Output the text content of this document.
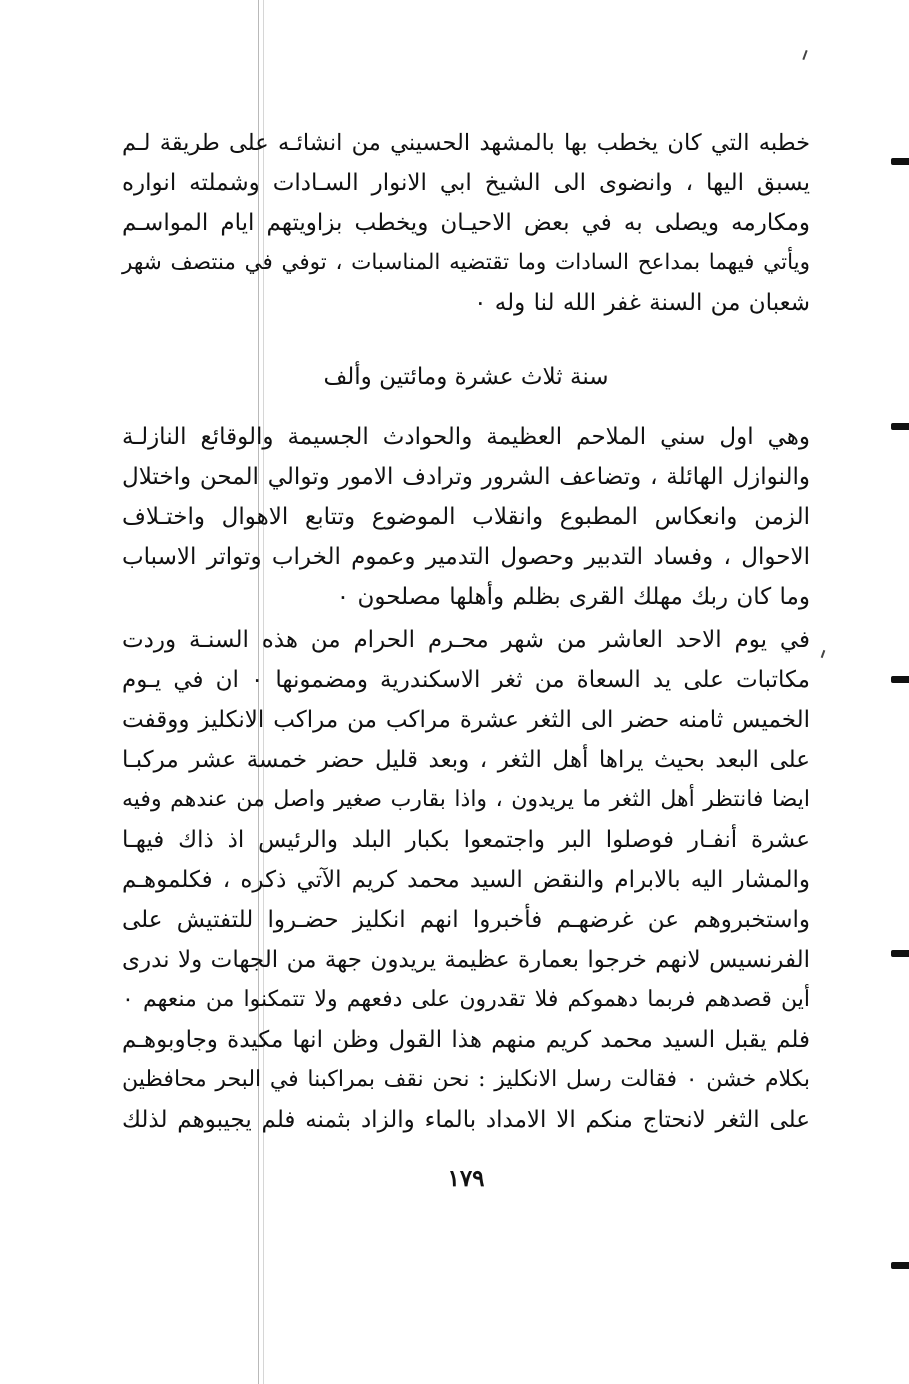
خطبه التي كان يخطب بها بالمشهد الحسيني من انشائـه على طريقة لـم
يسبق اليها ، وانضوى الى الشيخ ابي الانوار السـادات وشملته انواره
ومكارمه ويصلى به في بعض الاحيـان ويخطب بزاويتهم ايام المواسـم
ويأتي فيهما بمداعح السادات وما تقتضيه المناسبات ، توفي في منتصف شهر
شعبان من السنة غفر الله لنا وله ٠
سنة ثلاث عشرة ومائتين وألف
وهي اول سني الملاحم العظيمة والحوادث الجسيمة والوقائع النازلـة
والنوازل الهائلة ، وتضاعف الشرور وترادف الامور وتوالي المحن واختلال
الزمن وانعكاس المطبوع وانقلاب الموضوع وتتابع الاهوال واختـلاف
الاحوال ، وفساد التدبير وحصول التدمير وعموم الخراب وتواتر الاسباب
وما كان ربك مهلك القرى بظلم وأهلها مصلحون ٠
في يوم الاحد العاشر من شهر محـرم الحرام من هذه السنـة وردت
مكاتبات على يد السعاة من ثغر الاسكندرية ومضمونها ٠ ان في يـوم
الخميس ثامنه حضر الى الثغر عشرة مراكب من مراكب الانكليز ووقفت
على البعد بحيث يراها أهل الثغر ، وبعد قليل حضر خمسة عشر مركبـا
ايضا فانتظر أهل الثغر ما يريدون ، واذا بقارب صغير واصل من عندهم وفيه
عشرة أنفـار فوصلوا البر واجتمعوا بكبار البلد والرئيس اذ ذاك فيهـا
والمشار اليه بالابرام والنقض السيد محمد كريم الآتي ذكره ، فكلموهـم
واستخبروهم عن غرضهـم فأخبروا انهم انكليز حضـروا للتفتيش على
الفرنسيس لانهم خرجوا بعمارة عظيمة يريدون جهة من الجهات ولا ندرى
أين قصدهم فربما دهموكم فلا تقدرون على دفعهم ولا تتمكنوا من منعهم ٠
فلم يقبل السيد محمد كريم منهم هذا القول وظن انها مكيدة وجاوبوهـم
بكلام خشن ٠ فقالت رسل الانكليز : نحن نقف بمراكبنا في البحر محافظين
على الثغر لانحتاج منكم الا الامداد بالماء والزاد بثمنه فلم يجيبوهم لذلك
١٧٩
